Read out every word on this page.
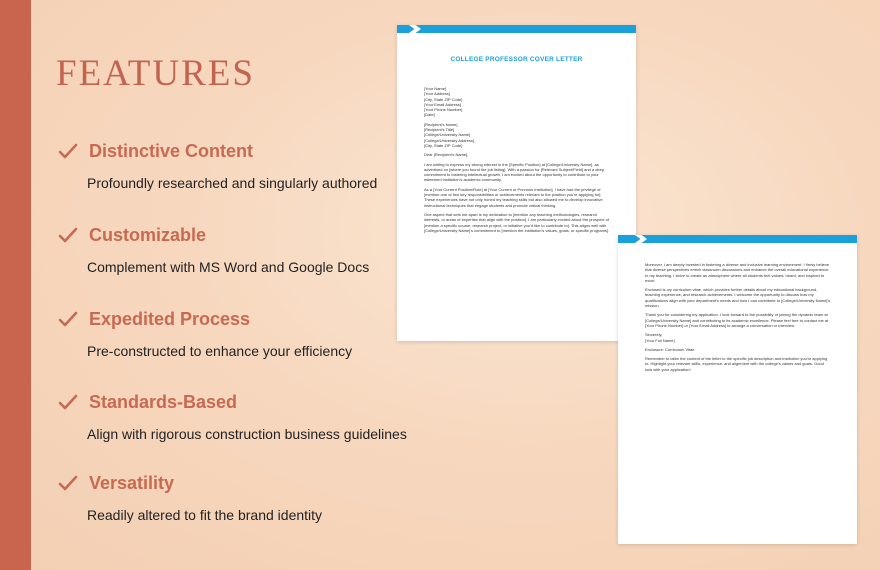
FEATURES
Distinctive Content
Profoundly researched and singularly authored
Customizable
Complement with MS Word and Google Docs
Expedited Process
Pre-constructed to enhance your efficiency
Standards-Based
Align with rigorous construction business guidelines
Versatility
Readily altered to fit the brand identity
COLLEGE PROFESSOR COVER LETTER

[Your Name]
[Your Address]
[City, State ZIP Code]
[Your Email Address]
[Your Phone Number]
[Date]

[Recipient's Name]
[Recipient's Title]
[College/University Name]
[College/University Address]
[City, State ZIP Code]

Dear [Recipient's Name],

I am writing to express my strong interest in the [Specific Position] at [College/University Name], as advertised on [where you found the job listing]. With a passion for [Relevant Subject/Field] and a deep commitment to fostering intellectual growth, I am excited about the opportunity to contribute to your esteemed institution's academic community.

As a [Your Current Position/Role] at [Your Current or Previous Institution], I have had the privilege of [mention one or two key responsibilities or achievements relevant to the position you're applying for]. These experiences have not only honed my teaching skills but also allowed me to develop innovative instructional techniques that engage students and promote critical thinking.

One aspect that sets me apart is my dedication to [mention any teaching methodologies, research interests, or areas of expertise that align with the position]. I am particularly excited about the prospect of [mention a specific course, research project, or initiative you'd like to contribute to]. This aligns well with [College/University Name]'s commitment to [mention the institution's values, goals, or specific programs].

Moreover, I am deeply invested in fostering a diverse and inclusive learning environment. I firmly believe that diverse perspectives enrich classroom discussions and enhance the overall educational experience. In my teaching, I strive to create an atmosphere where all students feel valued, heard, and inspired to excel.

Enclosed is my curriculum vitae, which provides further details about my educational background, teaching experience, and research achievements. I welcome the opportunity to discuss how my qualifications align with your department's needs and how I can contribute to [College/University Name]'s mission.

Thank you for considering my application. I look forward to the possibility of joining the dynamic team at [College/University Name] and contributing to its academic excellence. Please feel free to contact me at [Your Phone Number] or [Your Email Address] to arrange a conversation or interview.

Sincerely,
[Your Full Name]

Enclosure: Curriculum Vitae

Remember to tailor the content of the letter to the specific job description and institution you're applying to. Highlight your relevant skills, experience, and alignment with the college's values and goals. Good luck with your application!
